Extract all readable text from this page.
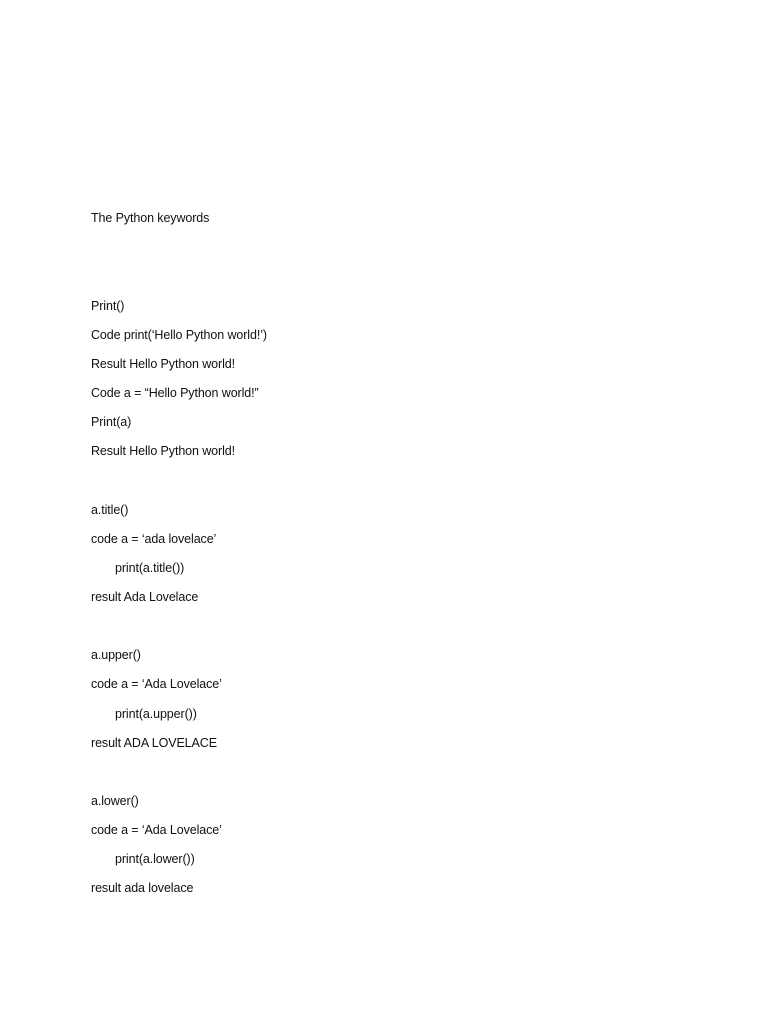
The Python keywords
Print()
Code print(‘Hello Python world!’)
Result Hello Python world!
Code a = “Hello Python world!”
Print(a)
Result Hello Python world!
a.title()
code a = ‘ada lovelace’
print(a.title())
result Ada Lovelace
a.upper()
code a = ‘Ada Lovelace’
print(a.upper())
result ADA LOVELACE
a.lower()
code a = ‘Ada Lovelace’
print(a.lower())
result ada lovelace
